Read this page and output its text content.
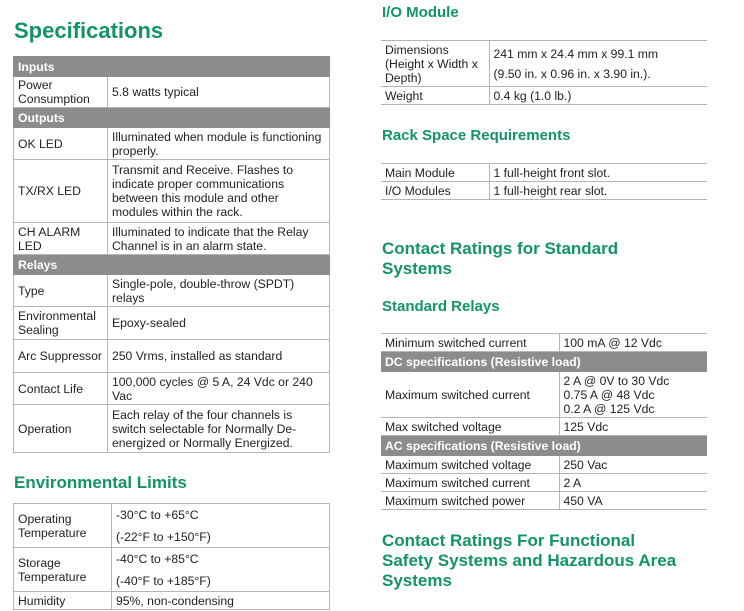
Specifications
Inputs	
Power Consumption	5.8 watts typical
Outputs	
OK LED	Illuminated when module is functioning properly.
TX/RX LED	Transmit and Receive. Flashes to indicate proper communications between this module and other modules within the rack.
CH ALARM LED	Illuminated to indicate that the Relay Channel is in an alarm state.
Relays	
Type	Single-pole, double-throw (SPDT) relays
Environmental Sealing	Epoxy-sealed
Arc Suppressor	250 Vrms, installed as standard
Contact Life	100,000 cycles @ 5 A, 24 Vdc or 240 Vac
Operation	Each relay of the four channels is switch selectable for Normally De-energized or Normally Energized.
Environmental Limits
Operating Temperature	-30°C to +65°C
(-22°F to +150°F)

Storage Temperature	-40°C to +85°C
(-40°F to +185°F)

Humidity	95%, non-condensing
I/O Module
Dimensions (Height x Width x Depth)	241 mm x 24.4 mm x 99.1 mm
(9.50 in. x 0.96 in. x 3.90 in.).

Weight	0.4 kg (1.0 lb.)
Rack Space Requirements
Main Module	1 full-height front slot.
I/O Modules	1 full-height rear slot.
Contact Ratings for Standard Systems
Standard Relays
Minimum switched current	100 mA @ 12 Vdc
DC specifications (Resistive load)	
Maximum switched current	2 A @ 0V to 30 Vdc
0.75 A @ 48 Vdc
0.2 A @ 125 Vdc

Max switched voltage	125 Vdc
AC specifications (Resistive load)	
Maximum switched voltage	250 Vac
Maximum switched current	2 A
Maximum switched power	450 VA
Contact Ratings For Functional Safety Systems and Hazardous Area Systems
